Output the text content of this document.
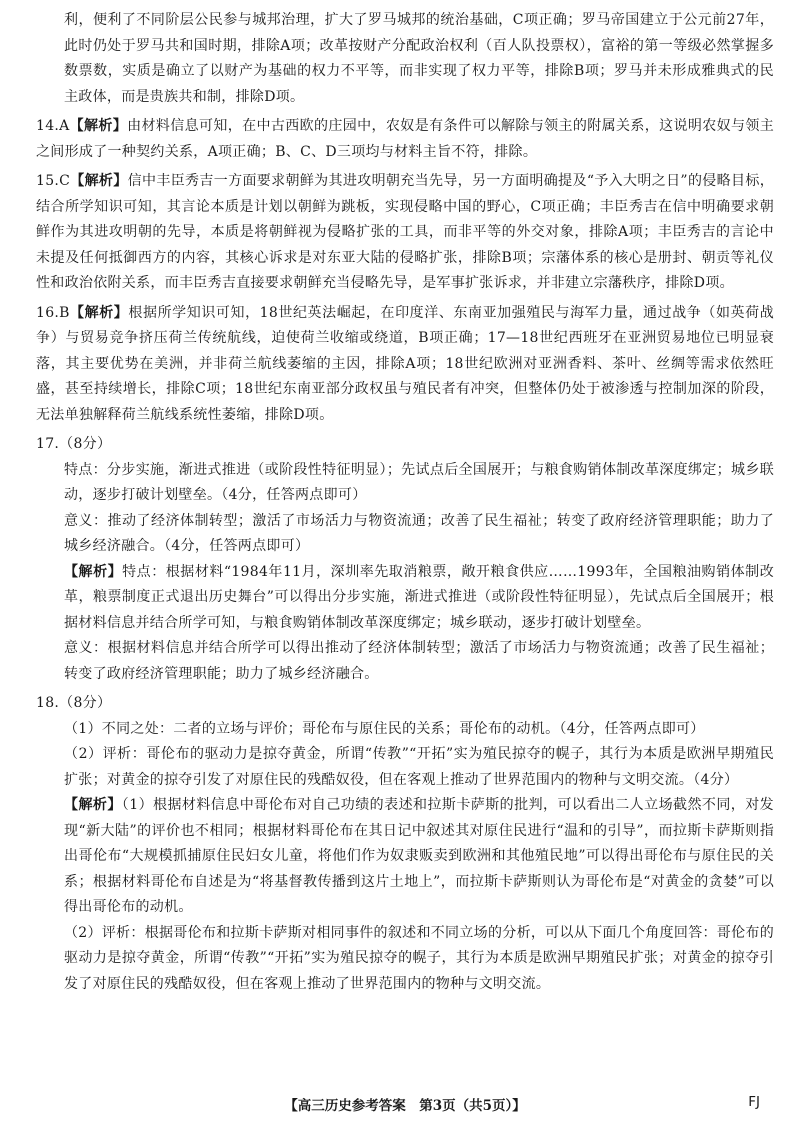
利，便利了不同阶层公民参与城邦治理，扩大了罗马城邦的统治基础，C项正确；罗马帝国建立于公元前27年，此时仍处于罗马共和国时期，排除A项；改革按财产分配政治权利（百人队投票权），富裕的第一等级必然掌握多数票数，实质是确立了以财产为基础的权力不平等，而非实现了权力平等，排除B项；罗马并未形成雅典式的民主政体，而是贵族共和制，排除D项。

14.A【解析】由材料信息可知，在中古西欧的庄园中，农奴是有条件可以解除与领主的附属关系，这说明农奴与领主之间形成了一种契约关系，A项正确；B、C、D三项均与材料主旨不符，排除。

15.C【解析】信中丰臣秀吉一方面要求朝鲜为其进攻明朝充当先导，另一方面明确提及“予入大明之日”的侵略目标，结合所学知识可知，其言论本质是计划以朝鲜为跳板，实现侵略中国的野心，C项正确；丰臣秀吉在信中明确要求朝鲜作为其进攻明朝的先导，本质是将朝鲜视为侵略扩张的工具，而非平等的外交对象，排除A项；丰臣秀吉的言论中未提及任何抵御西方的内容，其核心诉求是对东亚大陆的侵略扩张，排除B项；宗藩体系的核心是册封、朝贡等礼仪性和政治依附关系，而丰臣秀吉直接要求朝鲜充当侵略先导，是军事扩张诉求，并非建立宗藩秩序，排除D项。

16.B【解析】根据所学知识可知，18世纪英法崛起，在印度洋、东南亚加强殖民与海军力量，通过战争（如英荷战争）与贸易竞争挤压荷兰传统航线，迫使荷兰收缩或绕道，B项正确；17—18世纪西班牙在亚洲贸易地位已明显衰落，其主要优势在美洲，并非荷兰航线萎缩的主因，排除A项；18世纪欧洲对亚洲香料、茶叶、丝绸等需求依然旺盛，甚至持续增长，排除C项；18世纪东南亚部分政权虽与殖民者有冲突，但整体仍处于被渗透与控制加深的阶段，无法单独解释荷兰航线系统性萎缩，排除D项。

17.（8分）

特点：分步实施，渐进式推进（或阶段性特征明显）；先试点后全国展开；与粮食购销体制改革深度绑定；城乡联动，逐步打破计划壁垒。（4分，任答两点即可）

意义：推动了经济体制转型；激活了市场活力与物资流通；改善了民生福祉；转变了政府经济管理职能；助力了城乡经济融合。（4分，任答两点即可）

【解析】特点：根据材料“1984年11月，深圳率先取消粮票，敞开粮食供应……1993年，全国粮油购销体制改革，粮票制度正式退出历史舞台”可以得出分步实施，渐进式推进（或阶段性特征明显），先试点后全国展开；根据材料信息并结合所学可知，与粮食购销体制改革深度绑定；城乡联动，逐步打破计划壁垒。

意义：根据材料信息并结合所学可以得出推动了经济体制转型；激活了市场活力与物资流通；改善了民生福祉；转变了政府经济管理职能；助力了城乡经济融合。

18.（8分）

（1）不同之处：二者的立场与评价；哥伦布与原住民的关系；哥伦布的动机。（4分，任答两点即可）

（2）评析：哥伦布的驱动力是掠夺黄金，所谓“传教”“开拓”实为殖民掠夺的幌子，其行为本质是欧洲早期殖民扩张；对黄金的掠夺引发了对原住民的残酷奴役，但在客观上推动了世界范围内的物种与文明交流。（4分）

【解析】（1）根据材料信息中哥伦布对自己功绩的表述和拉斯卡萨斯的批判，可以看出二人立场截然不同，对发现“新大陆”的评价也不相同；根据材料哥伦布在其日记中叙述其对原住民进行“温和的引导”，而拉斯卡萨斯则指出哥伦布“大规模抓捕原住民妇女儿童，将他们作为奴隶贩卖到欧洲和其他殖民地”可以得出哥伦布与原住民的关系；根据材料哥伦布自述是为“将基督教传播到这片土地上”，而拉斯卡萨斯则认为哥伦布是“对黄金的贪婪”可以得出哥伦布的动机。

（2）评析：根据哥伦布和拉斯卡萨斯对相同事件的叙述和不同立场的分析，可以从下面几个角度回答：哥伦布的驱动力是掠夺黄金，所谓“传教”“开拓”实为殖民掠夺的幌子，其行为本质是欧洲早期殖民扩张；对黄金的掠夺引发了对原住民的残酷奴役，但在客观上推动了世界范围内的物种与文明交流。

【高三历史参考答案　第3页（共5页）】	FJ
